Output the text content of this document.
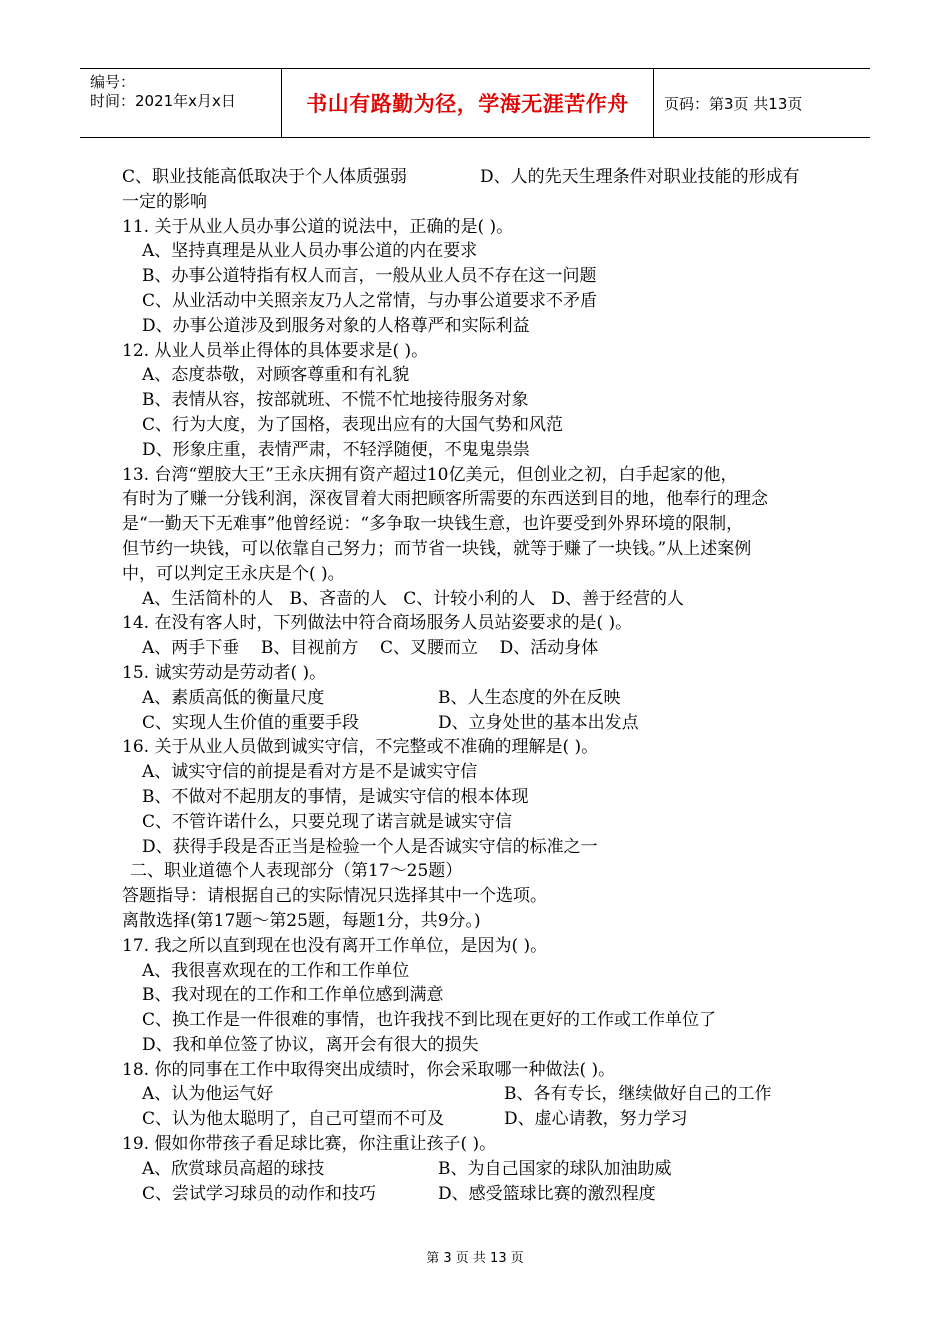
编号：
时间：2021年x月x日	书山有路勤为径，学海无涯苦作舟	页码：第3页 共13页
C、职业技能高低取决于个人体质强弱	D、人的先天生理条件对职业技能的形成有
一定的影响
11. 关于从业人员办事公道的说法中，正确的是( )。
A、坚持真理是从业人员办事公道的内在要求
B、办事公道特指有权人而言，一般从业人员不存在这一问题
C、从业活动中关照亲友乃人之常情，与办事公道要求不矛盾
D、办事公道涉及到服务对象的人格尊严和实际利益
12. 从业人员举止得体的具体要求是( )。
A、态度恭敬，对顾客尊重和有礼貌
B、表情从容，按部就班、不慌不忙地接待服务对象
C、行为大度，为了国格，表现出应有的大国气势和风范
D、形象庄重，表情严肃，不轻浮随便，不鬼鬼祟祟
13. 台湾“塑胶大王”王永庆拥有资产超过10亿美元，但创业之初，白手起家的他，
有时为了赚一分钱利润，深夜冒着大雨把顾客所需要的东西送到目的地，他奉行的理念
是“一勤天下无难事”他曾经说：“多争取一块钱生意，也许要受到外界环境的限制，
但节约一块钱，可以依靠自己努力；而节省一块钱，就等于赚了一块钱。”从上述案例
中，可以判定王永庆是个( )。
A、生活简朴的人   B、吝啬的人   C、计较小利的人   D、善于经营的人
14. 在没有客人时，下列做法中符合商场服务人员站姿要求的是( )。
A、两手下垂    B、目视前方    C、叉腰而立    D、活动身体
15. 诚实劳动是劳动者( )。
A、素质高低的衡量尺度	B、人生态度的外在反映
C、实现人生价值的重要手段	D、立身处世的基本出发点
16. 关于从业人员做到诚实守信，不完整或不准确的理解是( )。
A、诚实守信的前提是看对方是不是诚实守信
B、不做对不起朋友的事情，是诚实守信的根本体现
C、不管许诺什么，只要兑现了诺言就是诚实守信
D、获得手段是否正当是检验一个人是否诚实守信的标准之一
二、职业道德个人表现部分（第17～25题）
答题指导：请根据自己的实际情况只选择其中一个选项。
离散选择(第17题～第25题，每题1分，共9分。)
17. 我之所以直到现在也没有离开工作单位，是因为( )。
A、我很喜欢现在的工作和工作单位
B、我对现在的工作和工作单位感到满意
C、换工作是一件很难的事情，也许我找不到比现在更好的工作或工作单位了
D、我和单位签了协议，离开会有很大的损失
18. 你的同事在工作中取得突出成绩时，你会采取哪一种做法( )。
A、认为他运气好	B、各有专长，继续做好自己的工作
C、认为他太聪明了，自己可望而不可及	D、虚心请教，努力学习
19. 假如你带孩子看足球比赛，你注重让孩子( )。
A、欣赏球员高超的球技	B、为自己国家的球队加油助威
C、尝试学习球员的动作和技巧	D、感受篮球比赛的激烈程度
第 3 页 共 13 页
